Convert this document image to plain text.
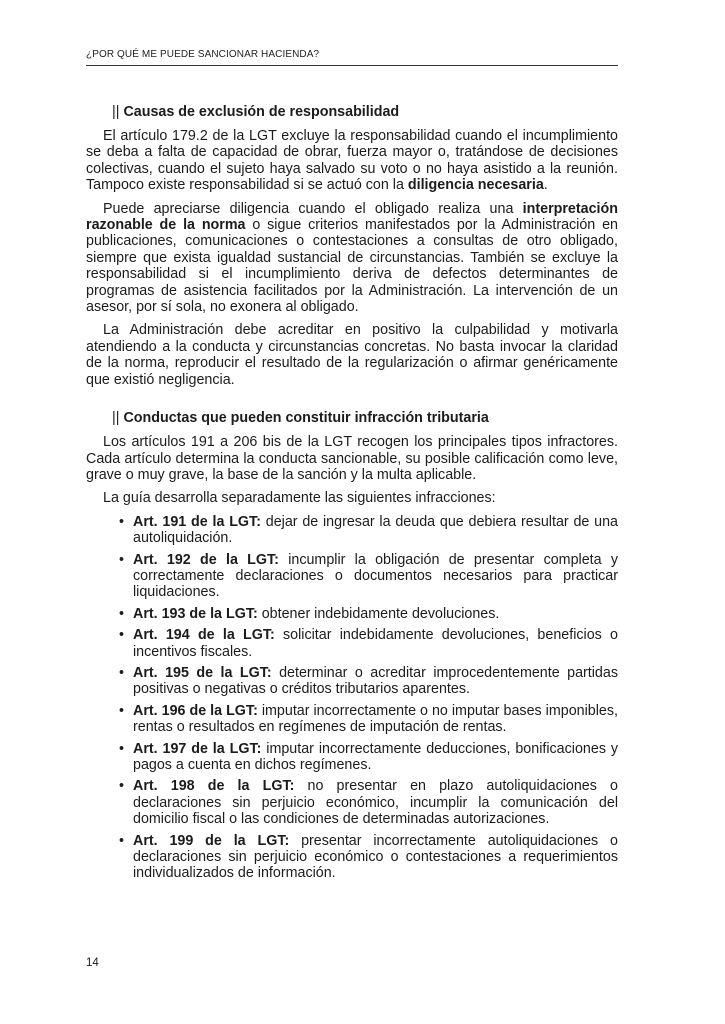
¿POR QUÉ ME PUEDE SANCIONAR HACIENDA?
|| Causas de exclusión de responsabilidad

El artículo 179.2 de la LGT excluye la responsabilidad cuando el incumplimiento se deba a falta de capacidad de obrar, fuerza mayor o, tratándose de decisiones colectivas, cuando el sujeto haya salvado su voto o no haya asistido a la reunión. Tampoco existe responsabilidad si se actuó con la diligencia necesaria.

Puede apreciarse diligencia cuando el obligado realiza una interpretación razonable de la norma o sigue criterios manifestados por la Administración en publicaciones, comunicaciones o contestaciones a consultas de otro obligado, siempre que exista igualdad sustancial de circunstancias. También se excluye la responsabilidad si el incumplimiento deriva de defectos determinantes de programas de asistencia facilitados por la Administración. La intervención de un asesor, por sí sola, no exonera al obligado.

La Administración debe acreditar en positivo la culpabilidad y motivarla atendiendo a la conducta y circunstancias concretas. No basta invocar la claridad de la norma, reproducir el resultado de la regularización o afirmar genéricamente que existió negligencia.

|| Conductas que pueden constituir infracción tributaria

Los artículos 191 a 206 bis de la LGT recogen los principales tipos infractores. Cada artículo determina la conducta sancionable, su posible calificación como leve, grave o muy grave, la base de la sanción y la multa aplicable.

La guía desarrolla separadamente las siguientes infracciones:

• Art. 191 de la LGT: dejar de ingresar la deuda que debiera resultar de una autoliquidación.
• Art. 192 de la LGT: incumplir la obligación de presentar completa y correctamente declaraciones o documentos necesarios para practicar liquidaciones.
• Art. 193 de la LGT: obtener indebidamente devoluciones.
• Art. 194 de la LGT: solicitar indebidamente devoluciones, beneficios o incentivos fiscales.
• Art. 195 de la LGT: determinar o acreditar improcedentemente partidas positivas o negativas o créditos tributarios aparentes.
• Art. 196 de la LGT: imputar incorrectamente o no imputar bases imponibles, rentas o resultados en regímenes de imputación de rentas.
• Art. 197 de la LGT: imputar incorrectamente deducciones, bonificaciones y pagos a cuenta en dichos regímenes.
• Art. 198 de la LGT: no presentar en plazo autoliquidaciones o declaraciones sin perjuicio económico, incumplir la comunicación del domicilio fiscal o las condiciones de determinadas autorizaciones.
• Art. 199 de la LGT: presentar incorrectamente autoliquidaciones o declaraciones sin perjuicio económico o contestaciones a requerimientos individualizados de información.
14
